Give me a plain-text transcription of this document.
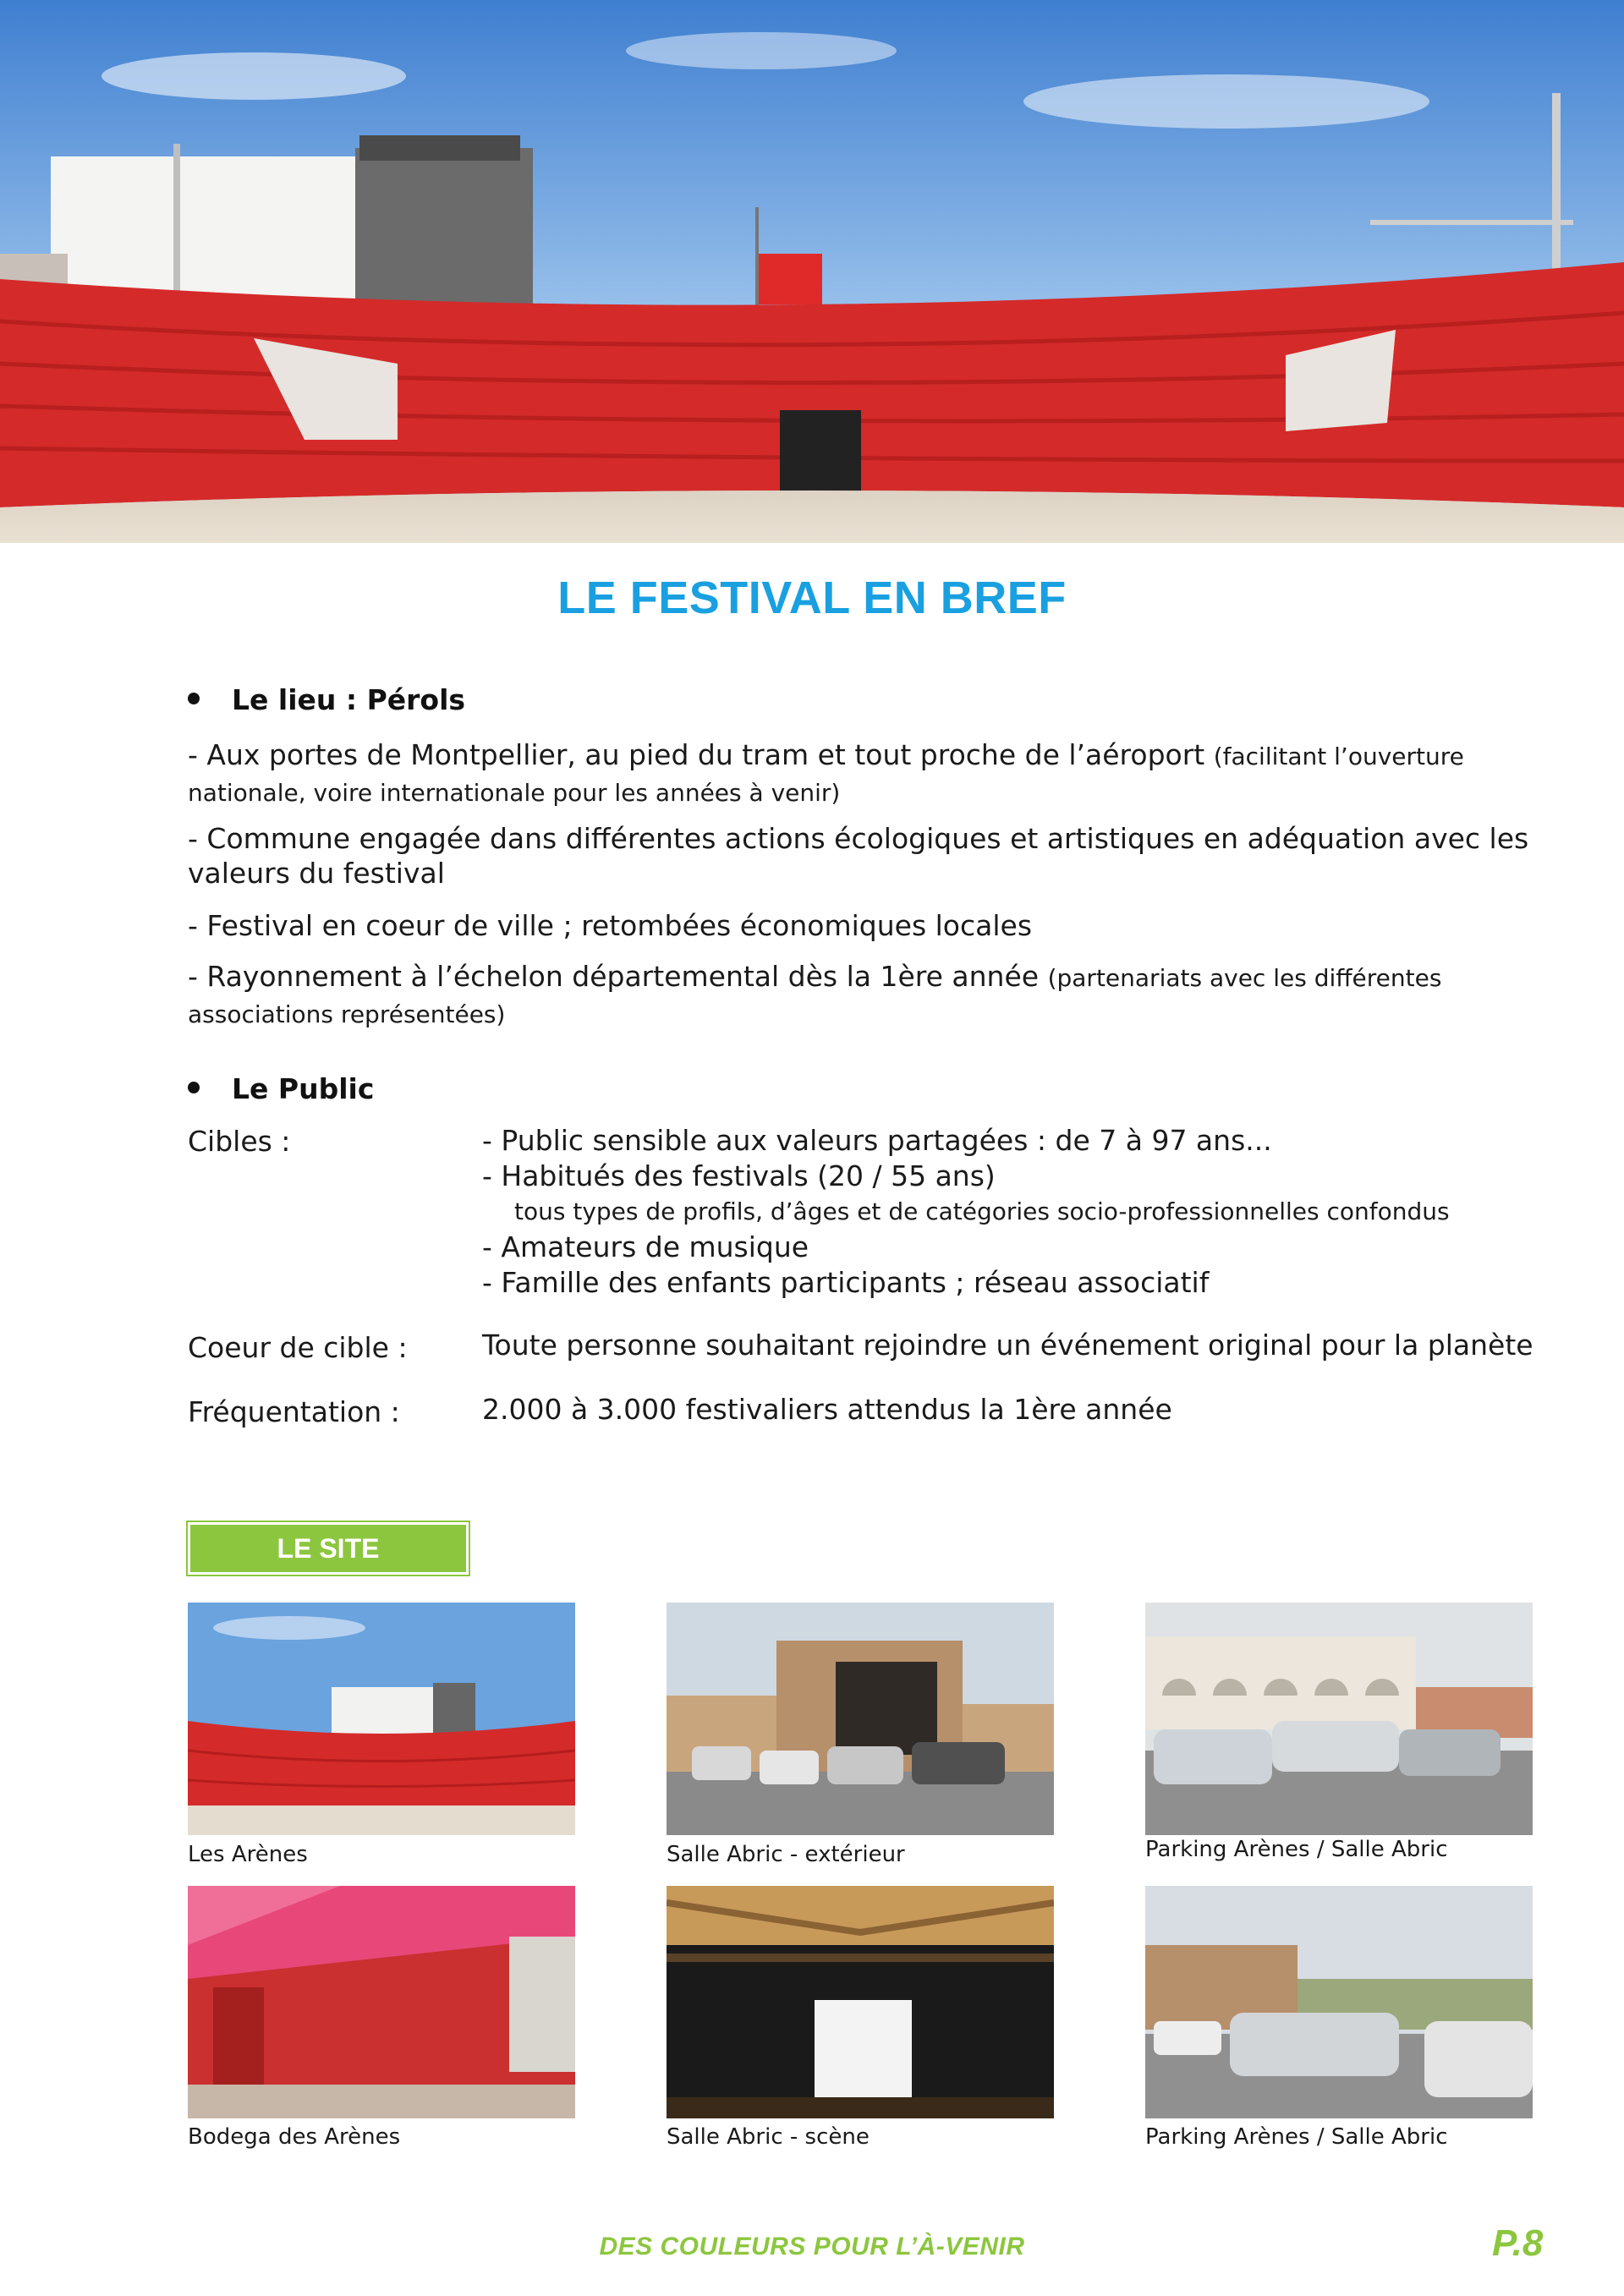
LE FESTIVAL EN BREF
Le lieu : Pérols
- Aux portes de Montpellier, au pied du tram et tout proche de l’aéroport (facilitant l’ouverture nationale, voire internationale pour les années à venir)
- Commune engagée dans différentes actions écologiques et artistiques en adéquation avec les valeurs du festival
- Festival en coeur de ville ; retombées économiques locales
- Rayonnement à l’échelon départemental dès la 1ère année (partenariats avec les différentes associations représentées)
Le Public
Cibles :	- Public sensible aux valeurs partagées : de 7 à 97 ans...
- Habitués des festivals (20 / 55 ans)
tous types de profils, d’âges et de catégories socio-professionnelles confondus
- Amateurs de musique
- Famille des enfants participants ; réseau associatif
Coeur de cible :	Toute personne souhaitant rejoindre un événement original pour la planète
Fréquentation :	2.000 à 3.000 festivaliers attendus la 1ère année
LE SITE
Les Arènes	Salle Abric - extérieur	Parking Arènes / Salle Abric
Bodega des Arènes	Salle Abric - scène	Parking Arènes / Salle Abric
DES COULEURS POUR L’À-VENIR	P.8
